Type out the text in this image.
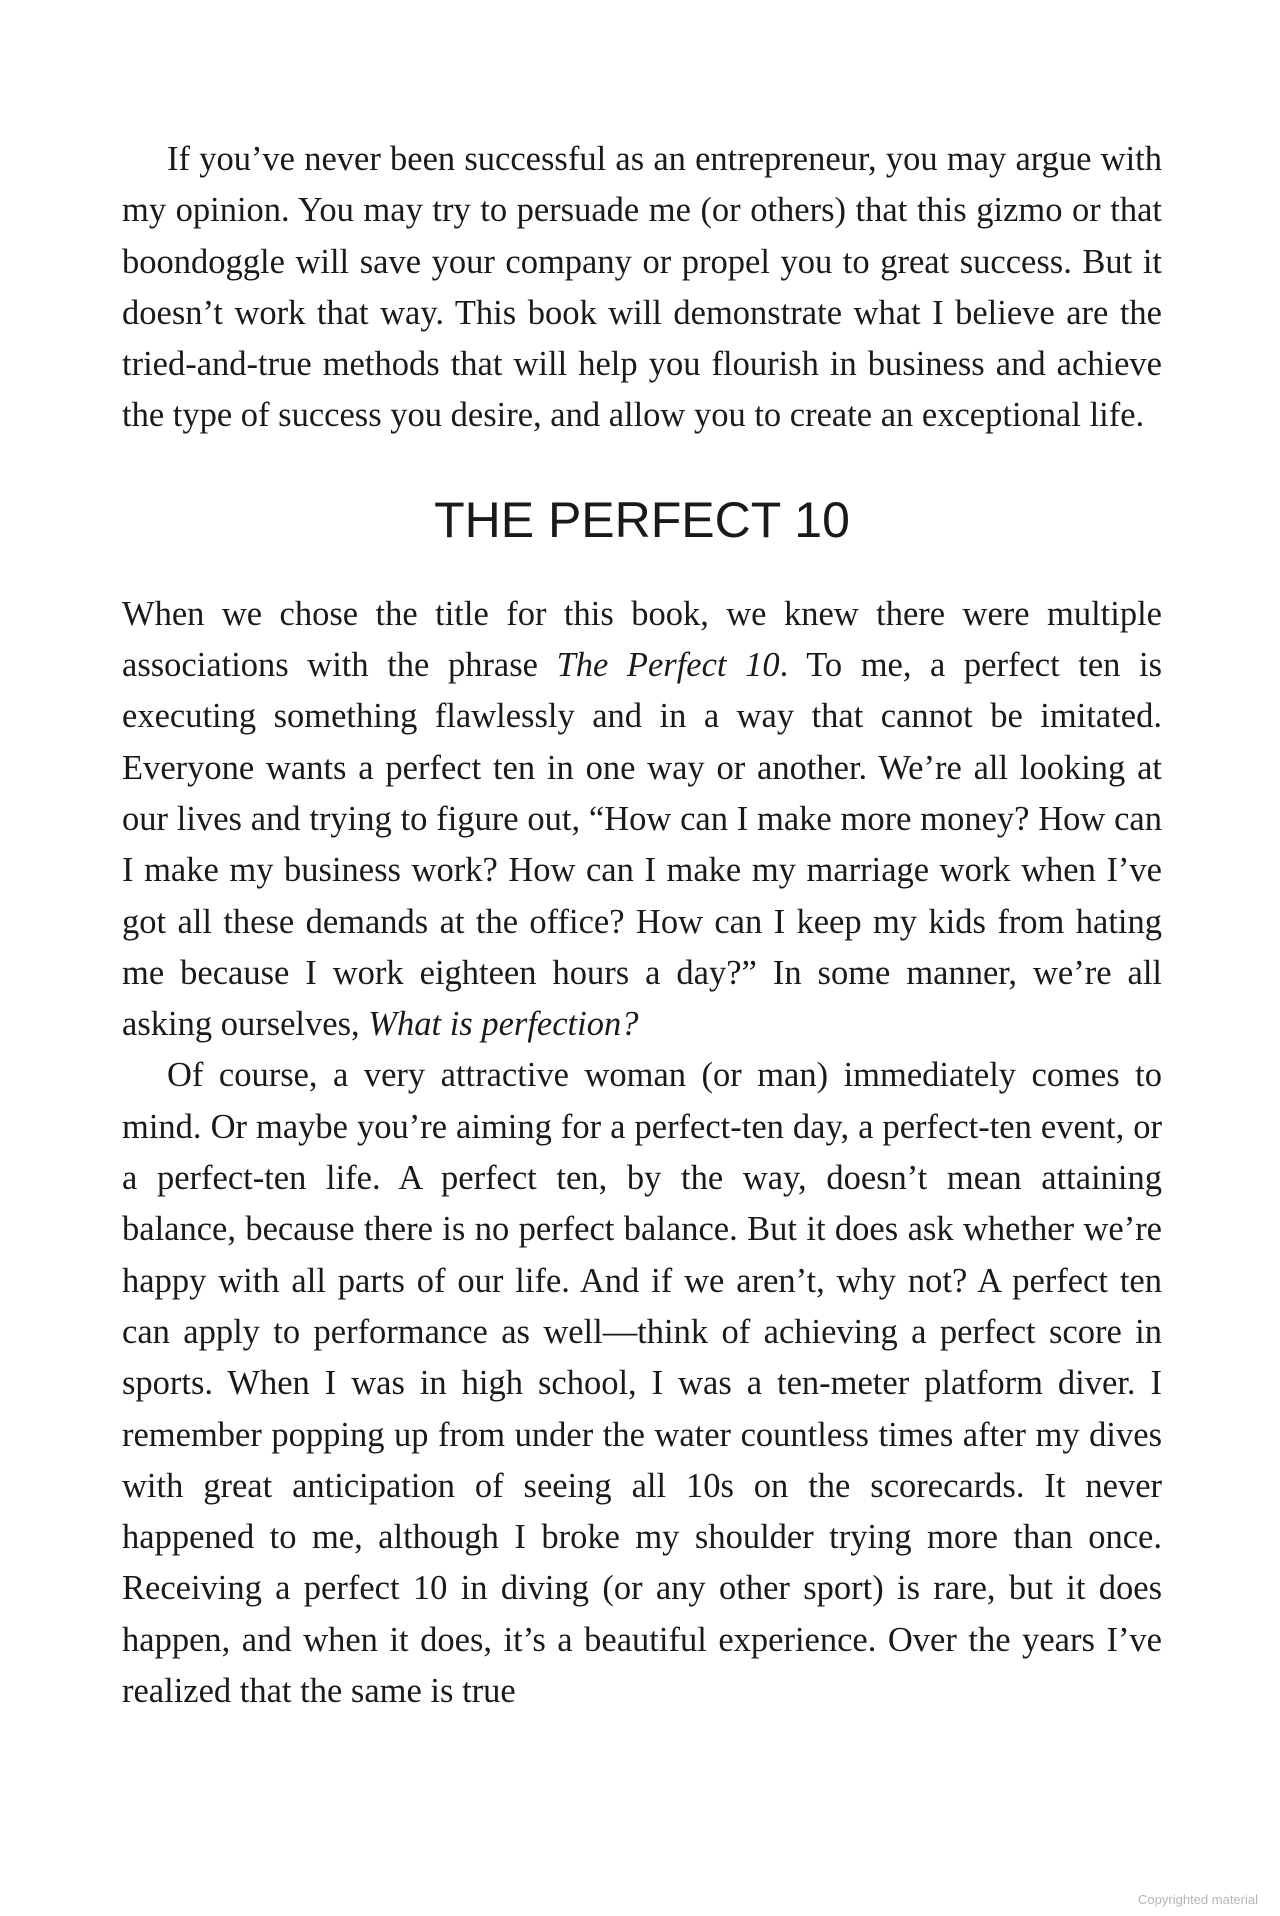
If you’ve never been successful as an entrepreneur, you may argue with my opinion. You may try to persuade me (or others) that this gizmo or that boondoggle will save your company or propel you to great success. But it doesn’t work that way. This book will demonstrate what I believe are the tried-and-true methods that will help you flourish in business and achieve the type of success you desire, and allow you to create an exceptional life.

THE PERFECT 10

When we chose the title for this book, we knew there were multiple associations with the phrase The Perfect 10. To me, a perfect ten is executing something flawlessly and in a way that cannot be imitated. Everyone wants a perfect ten in one way or another. We’re all looking at our lives and trying to figure out, “How can I make more money? How can I make my business work? How can I make my marriage work when I’ve got all these demands at the office? How can I keep my kids from hating me because I work eighteen hours a day?” In some manner, we’re all asking ourselves, What is perfection?

Of course, a very attractive woman (or man) immediately comes to mind. Or maybe you’re aiming for a perfect-ten day, a perfect-ten event, or a perfect-ten life. A perfect ten, by the way, doesn’t mean attaining balance, because there is no perfect balance. But it does ask whether we’re happy with all parts of our life. And if we aren’t, why not? A perfect ten can apply to performance as well—think of achieving a perfect score in sports. When I was in high school, I was a ten-meter platform diver. I remember popping up from under the water countless times after my dives with great anticipation of seeing all 10s on the scorecards. It never happened to me, although I broke my shoulder trying more than once. Receiving a perfect 10 in diving (or any other sport) is rare, but it does happen, and when it does, it’s a beautiful experience. Over the years I’ve realized that the same is true

Copyrighted material
